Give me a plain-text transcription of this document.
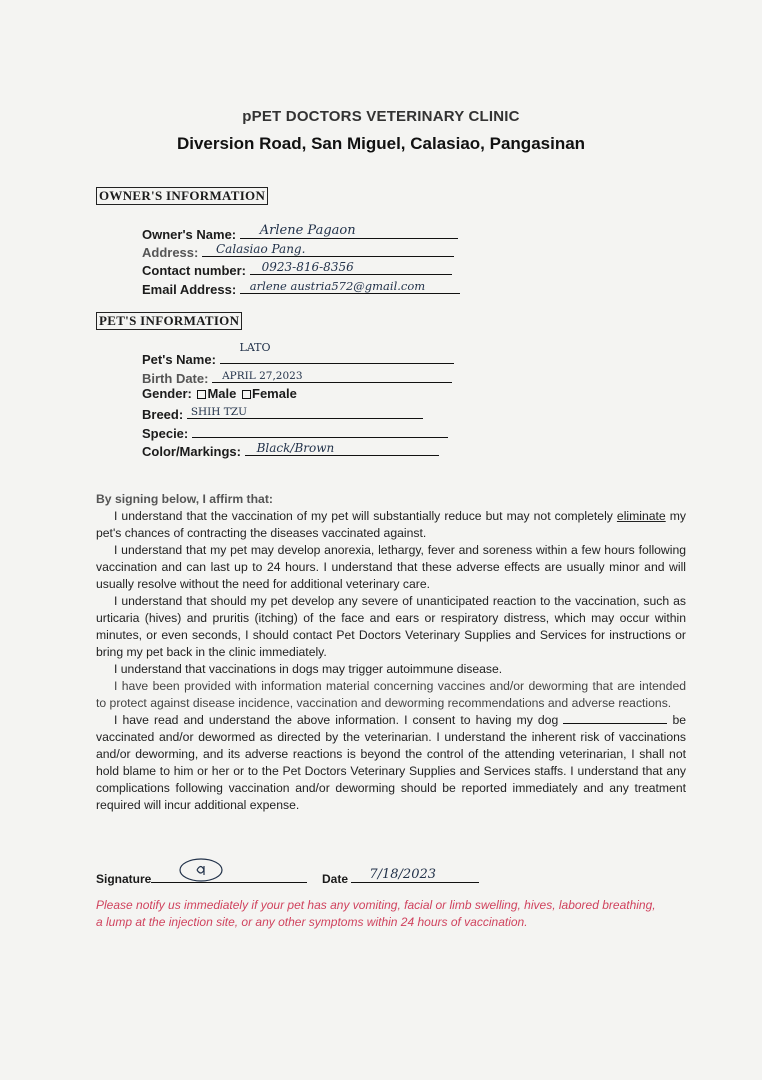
pPET DOCTORS VETERINARY CLINIC
Diversion Road, San Miguel, Calasiao, Pangasinan
OWNER'S INFORMATION
Owner's Name: Arlene Pagaon
Address: Calasiao Pang.
Contact number: 0923-816-8356
Email Address: arlene austria572@gmail.com
PET'S INFORMATION
Pet's Name:
LATO
Birth Date: APRIL 27,2023
Gender: Male Female
Breed: SHIH TZU
Specie:
Color/Markings: Black/Brown
By signing below, I affirm that:

I understand that the vaccination of my pet will substantially reduce but may not completely eliminate my pet's chances of contracting the diseases vaccinated against.

I understand that my pet may develop anorexia, lethargy, fever and soreness within a few hours following vaccination and can last up to 24 hours. I understand that these adverse effects are usually minor and will usually resolve without the need for additional veterinary care.

I understand that should my pet develop any severe of unanticipated reaction to the vaccination, such as urticaria (hives) and pruritis (itching) of the face and ears or respiratory distress, which may occur within minutes, or even seconds, I should contact Pet Doctors Veterinary Supplies and Services for instructions or bring my pet back in the clinic immediately.

I understand that vaccinations in dogs may trigger autoimmune disease.

I have been provided with information material concerning vaccines and/or deworming that are intended to protect against disease incidence, vaccination and deworming recommendations and adverse reactions.

I have read and understand the above information. I consent to having my dog	be vaccinated and/or dewormed as directed by the veterinarian. I understand the inherent risk of vaccinations and/or deworming, and its adverse reactions is beyond the control of the attending veterinarian, I shall not hold blame to him or her or to the Pet Doctors Veterinary Supplies and Services staffs. I understand that any complications following vaccination and/or deworming should be reported immediately and any treatment required will incur additional expense.

Signature	Date 7/18/2023
Please notify us immediately if your pet has any vomiting, facial or limb swelling, hives, labored breathing, a lump at the injection site, or any other symptoms within 24 hours of vaccination.
